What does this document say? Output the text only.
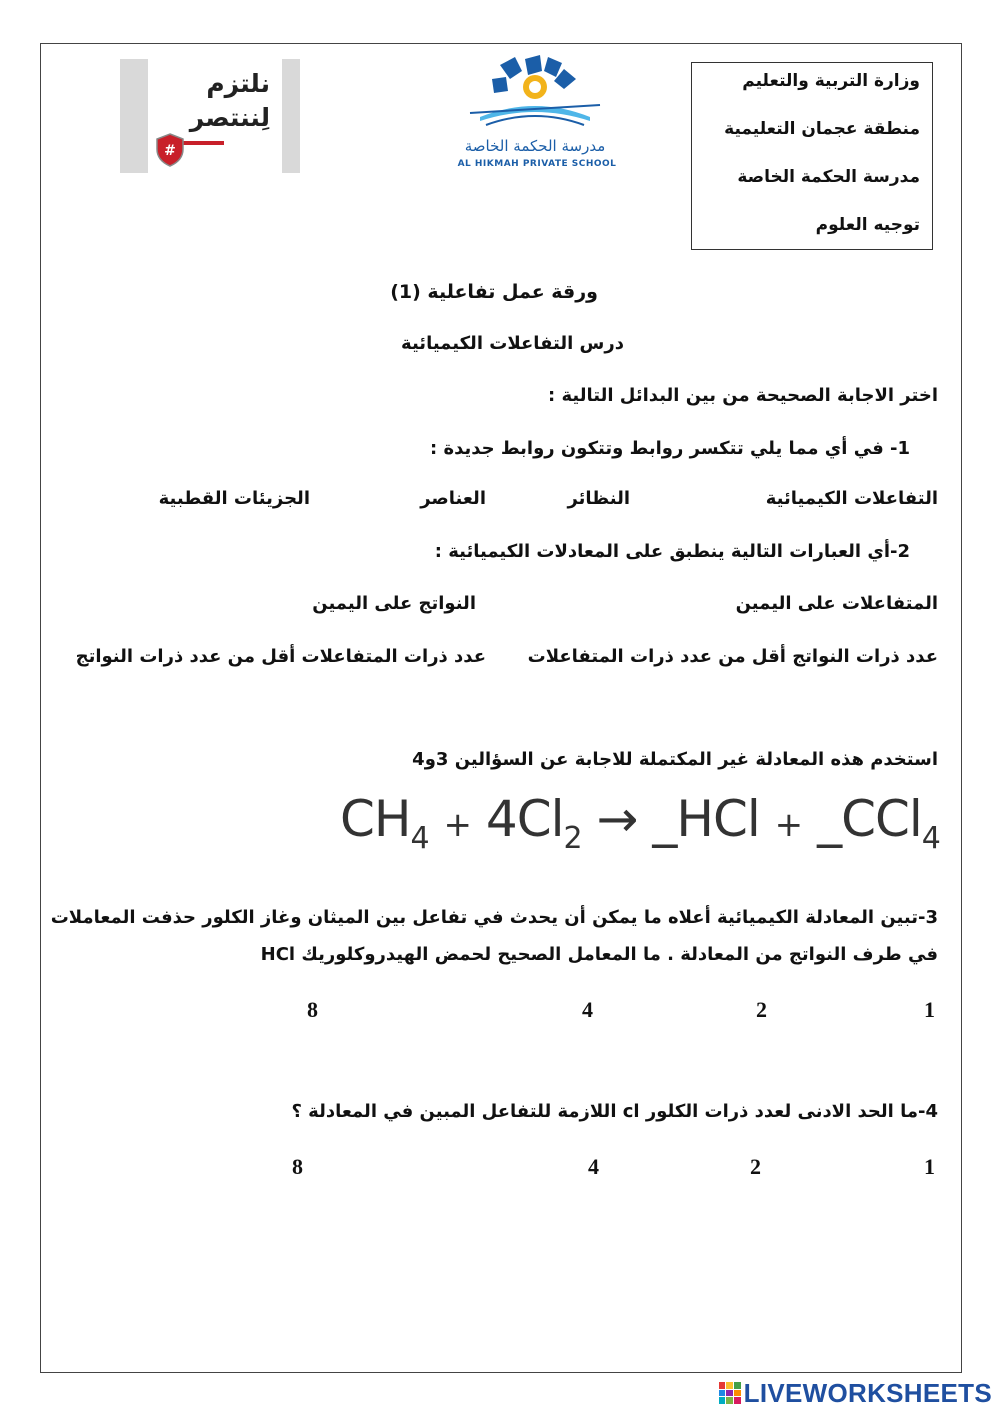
وزارة التربية والتعليم
منطقة عجمان التعليمية
مدرسة الحكمة الخاصة
توجيه العلوم
نلتزم
لِننتصر
#	مدرسة الحكمة الخاصة
AL HIKMAH PRIVATE SCHOOL
ورقة عمل تفاعلية (1)
درس التفاعلات الكيميائية
اختر الاجابة الصحيحة من بين البدائل التالية :
1- في أي مما يلي تتكسر روابط وتتكون روابط جديدة :
التفاعلات الكيميائية
النظائر
العناصر
الجزيئات القطبية
2-أي العبارات التالية ينطبق على المعادلات الكيميائية :
المتفاعلات على اليمين
النواتج على اليمين
عدد ذرات النواتج أقل من عدد ذرات المتفاعلات
عدد ذرات المتفاعلات أقل من عدد ذرات النواتج
استخدم هذه المعادلة غير المكتملة للاجابة عن السؤالين 3و4
$CH_4 + 4Cl_2$ → _HCl + _CCl$_4$
3-تبين المعادلة الكيميائية أعلاه ما يمكن أن يحدث في تفاعل بين الميثان وغاز الكلور حذفت المعاملات
في طرف النواتج من المعادلة . ما المعامل الصحيح لحمض الهيدروكلوريك HCl
1
2
4
8
4-ما الحد الادنى لعدد ذرات الكلور cl اللازمة للتفاعل المبين في المعادلة ؟
1
2
4
8
LIVEWORKSHEETS
